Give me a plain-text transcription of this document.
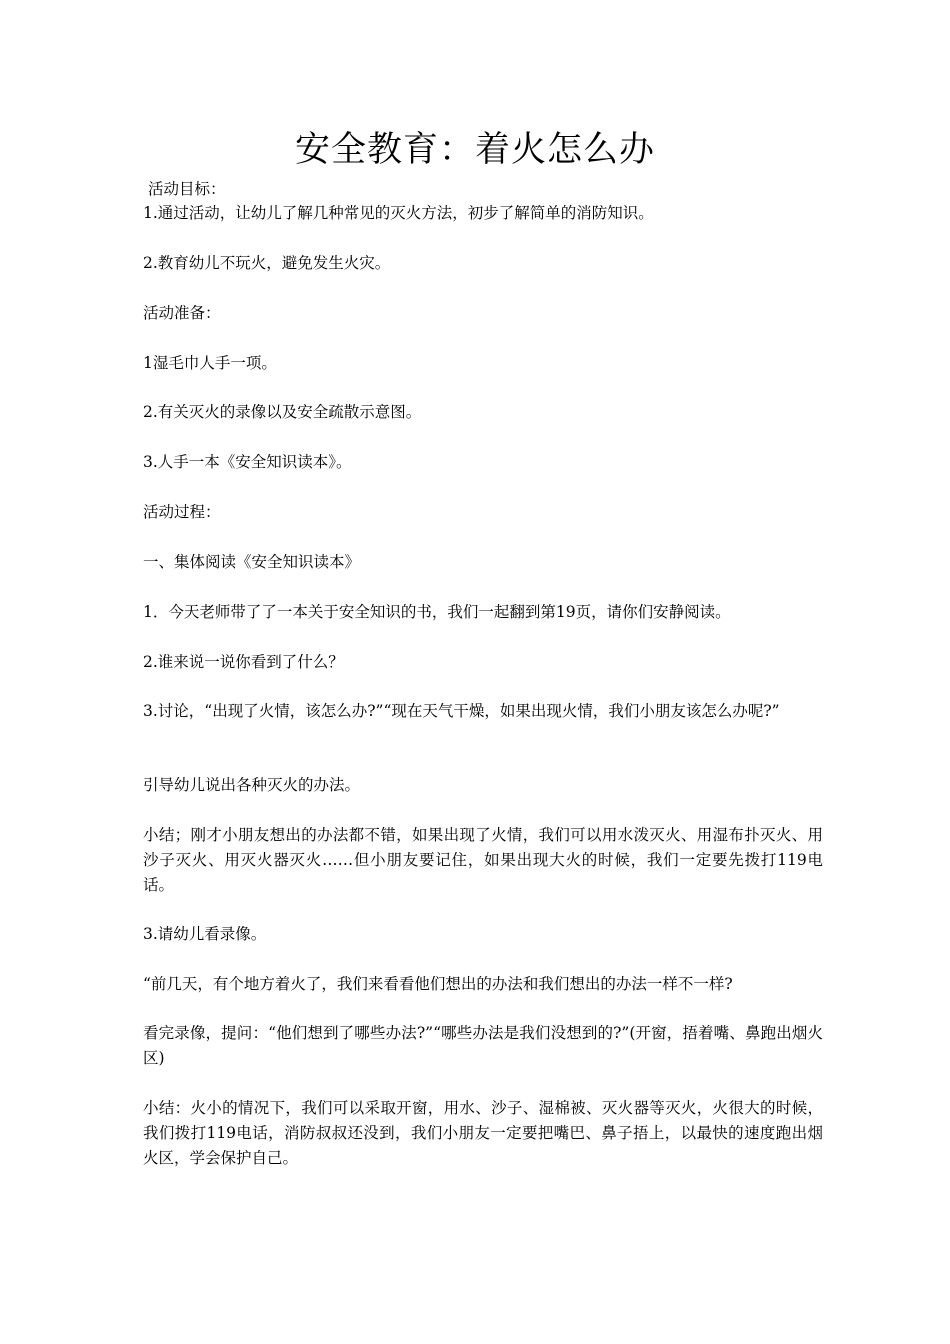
安全教育：着火怎么办

活动目标：

1.通过活动，让幼儿了解几种常见的灭火方法，初步了解简单的消防知识。

2.教育幼儿不玩火，避免发生火灾。

活动准备：

1湿毛巾人手一项。

2.有关灭火的录像以及安全疏散示意图。

3.人手一本《安全知识读本》。

活动过程：

一、集体阅读《安全知识读本》

1．今天老师带了了一本关于安全知识的书，我们一起翻到第19页，请你们安静阅读。

2.谁来说一说你看到了什么？

3.讨论，“出现了火情，该怎么办?”“现在天气干燥，如果出现火情，我们小朋友该怎么办呢?”

引导幼儿说出各种灭火的办法。

小结；刚才小朋友想出的办法都不错，如果出现了火情，我们可以用水泼灭火、用湿布扑灭火、用沙子灭火、用灭火器灭火……但小朋友要记住，如果出现大火的时候，我们一定要先拨打119电话。

3.请幼儿看录像。

“前几天，有个地方着火了，我们来看看他们想出的办法和我们想出的办法一样不一样?

看完录像，提问：“他们想到了哪些办法?”“哪些办法是我们没想到的?”(开窗，捂着嘴、鼻跑出烟火区)

小结：火小的情况下，我们可以采取开窗，用水、沙子、湿棉被、灭火器等灭火，火很大的时候，我们拨打119电话，消防叔叔还没到，我们小朋友一定要把嘴巴、鼻子捂上，以最快的速度跑出烟火区，学会保护自己。
